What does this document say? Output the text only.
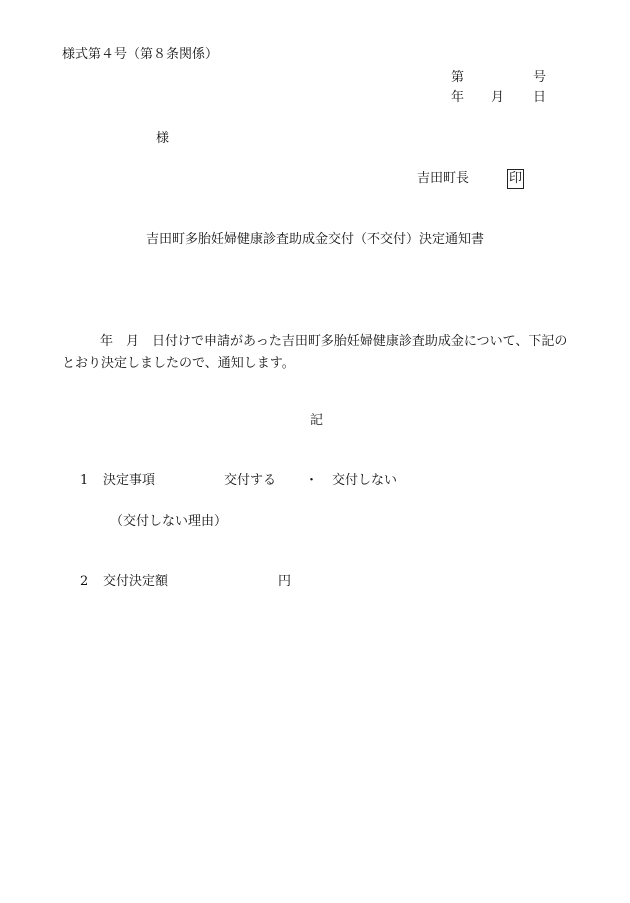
様式第４号（第８条関係）
第	号
年 月 日
様
吉田町長	印
吉田町多胎妊婦健康診査助成金交付（不交付）決定通知書
年　月　日付けで申請があった吉田町多胎妊婦健康診査助成金について、下記のとおり決定しましたので、通知します。
記
1 決定事項	交付する ・ 交付しない
（交付しない理由）
2 交付決定額	円
